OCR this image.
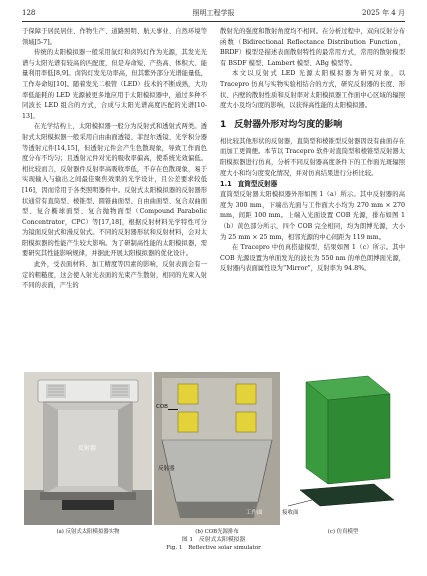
128	照明工程学报	2025 年 4 月

于保障于居民居住、作物生产、道路照明、航天事业、自然环境等领域[5-7]。

传统的太阳模拟器一般采用氙灯和卤钨灯作为光源，其发光光谱与太阳光谱有较高的匹配度，但是寿命短、产热高、体积大、能量利用率低[8,9]。卤钨灯发光功率高，但其紫外部分光谱能量低，工作寿命短[10]。随着发光二极管（LED）技术的不断成熟，大功率低能耗的 LED 光源被更多地应用于太阳模拟器中，通过多种不同波长 LED 组合的方式，合成与太阳光谱高度匹配的光谱[10-13]。

在光学结构上，太阳模拟器一般分为反射式和透射式两类。透射式太阳模拟器一般采用自由曲面透镜、菲涅尔透镜、光学积分器等透射元件[14,15]，但透射元件会产生色散现象，导致工作面色度分布不均匀；且透射元件对光的吸收率偏高，使系统光效偏低。相比较而言，反射器件反射率高吸收率低，不存在色散现象，易于实现输入与输出之间最佳聚焦效果的光学设计，且公差要求较低[16]，因而常用于各类照明器件中。反射式太阳模拟器的反射器形状通常有直筒型、棱锥型、圆锥曲面型、自由曲面型、复合双曲面型、复合椭球面型、复合抛物面型（Compound Parabolic Concentrator，CPC）等[17,18]，根据反射材料光学特性可分为镜面反射式和漫反射式。不同的反射器形状和反射材料，会对太阳模拟器的性能产生较大影响。为了研制高性能的太阳模拟器，需要研究其性能影响规律，并据此开展太阳模拟器的优化设计。

此外，受表面材料、加工精度等因素的影响，反射表面会有一定的粗糙度，这会使入射光表面的光束产生散射，相同的光束入射不同的表面，产生的

散射光的强度和散射角度均不相同。在分析过程中，双向反射分布函数（Bidirectional Reflectance Distribution Function，BRDF）模型是描述表面散射特性的最常用方式，常用的散射模型有 BSDF 模型、Lambert 模型、ABg 模型等。

本文以反射式 LED 光源太阳模拟器为研究对象，以 Tracepro 仿真与实物实验相结合的方式，研究反射器的长度、形状、内壁的散射性质和反射率对太阳模拟器工作面中心区域的辐照度大小及均匀度的影响，以获得高性能的太阳模拟器。

1 反射器外形对均匀度的影响

相比较其他形状的反射器，直筒型和棱锥型反射器因设有曲面存在而加工更简便。本节以 Tracepro 软件对直筒型和棱锥型反射器太阳模拟器进行仿真，分析不同反射器高度条件下的工作面光斑辐照度大小和均匀度变化情况，并对仿真结果进行分析比较。

1.1 直筒型反射器

直筒型反射器太阳模拟器外形如图 1（a）所示。其中反射器的高度为 300 mm，下端出光面与工作面大小均为 270 mm × 270 mm，间距 100 mm。上端入光面设置 COB 光源，排布如图 1（b）黄色部分所示，四个 COB 完全相同，均为朗博光源，大小为 25 mm × 25 mm，相邻光源的中心间距为 119 mm。

在 Tracepro 中仿真搭建模型，结果如图 1（c）所示。其中 COB 光源设置为单面发光的波长为 550 nm 的单色朗博面光源，反射器内表面属性设为“Mirror”，反射率为 94.8%。

反射器
COB
反射器
工作面	接收面
(a) 反射式太阳模拟器实物	(b) COB光源排布	(c) 仿真模型
图 1　反射式太阳模拟器
Fig. 1　Reflective solar simulator
